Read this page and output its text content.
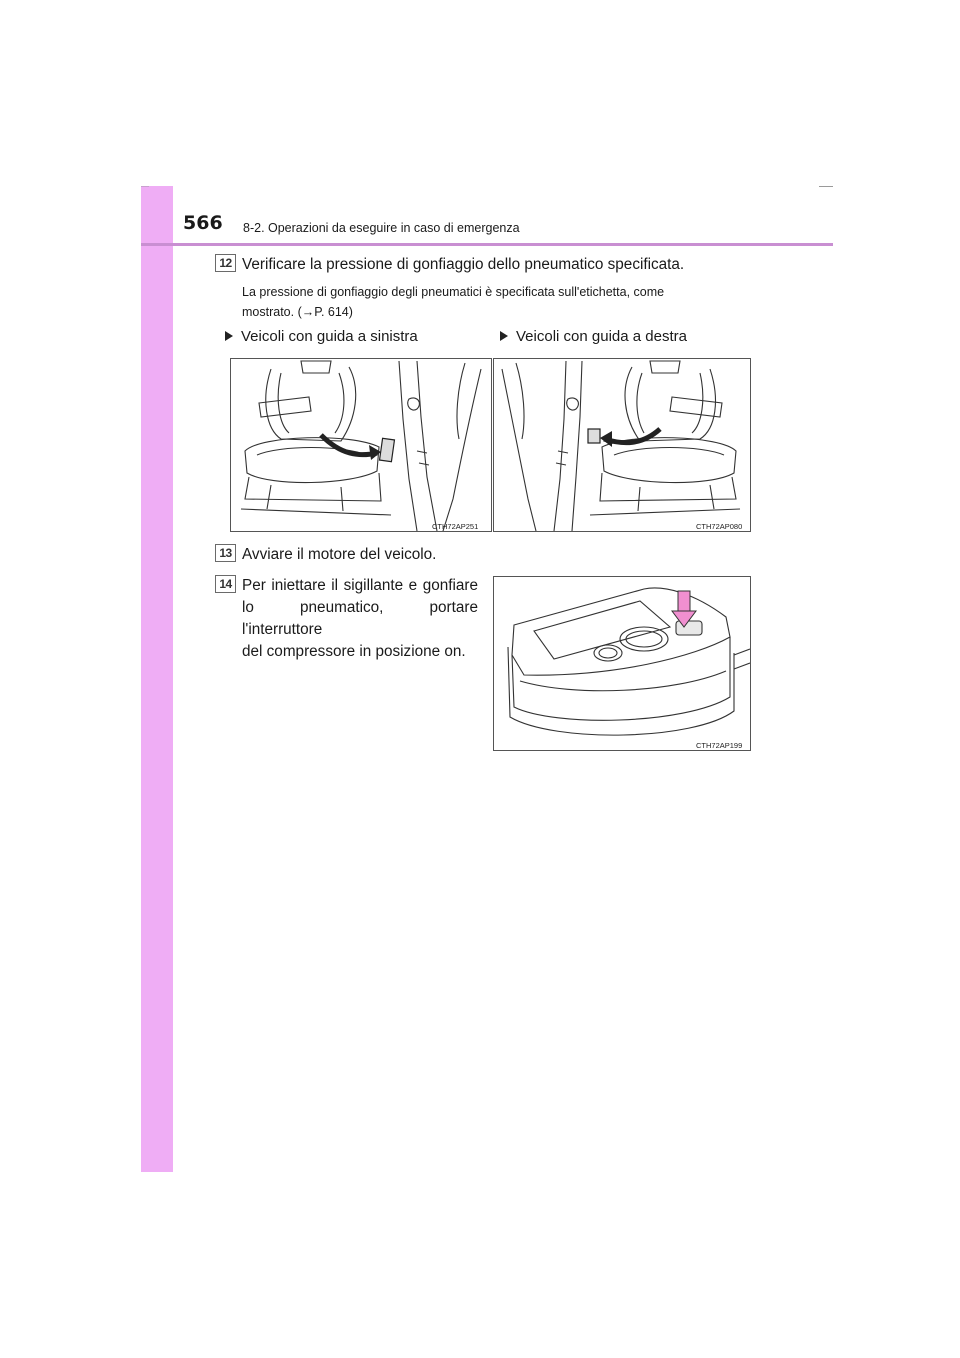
566 8-2. Operazioni da eseguire in caso di emergenza
12 Verificare la pressione di gonfiaggio dello pneumatico specificata.
La pressione di gonfiaggio degli pneumatici è specificata sull'etichetta, come
mostrato. (→P. 614)
Veicoli con guida a sinistra	Veicoli con guida a destra
CTH72AP251	CTH72AP080
13 Avviare il motore del veicolo.
14 Per iniettare il sigillante e gonfiare
lo pneumatico, portare l'interruttore
del compressore in posizione on.
CTH72AP199
